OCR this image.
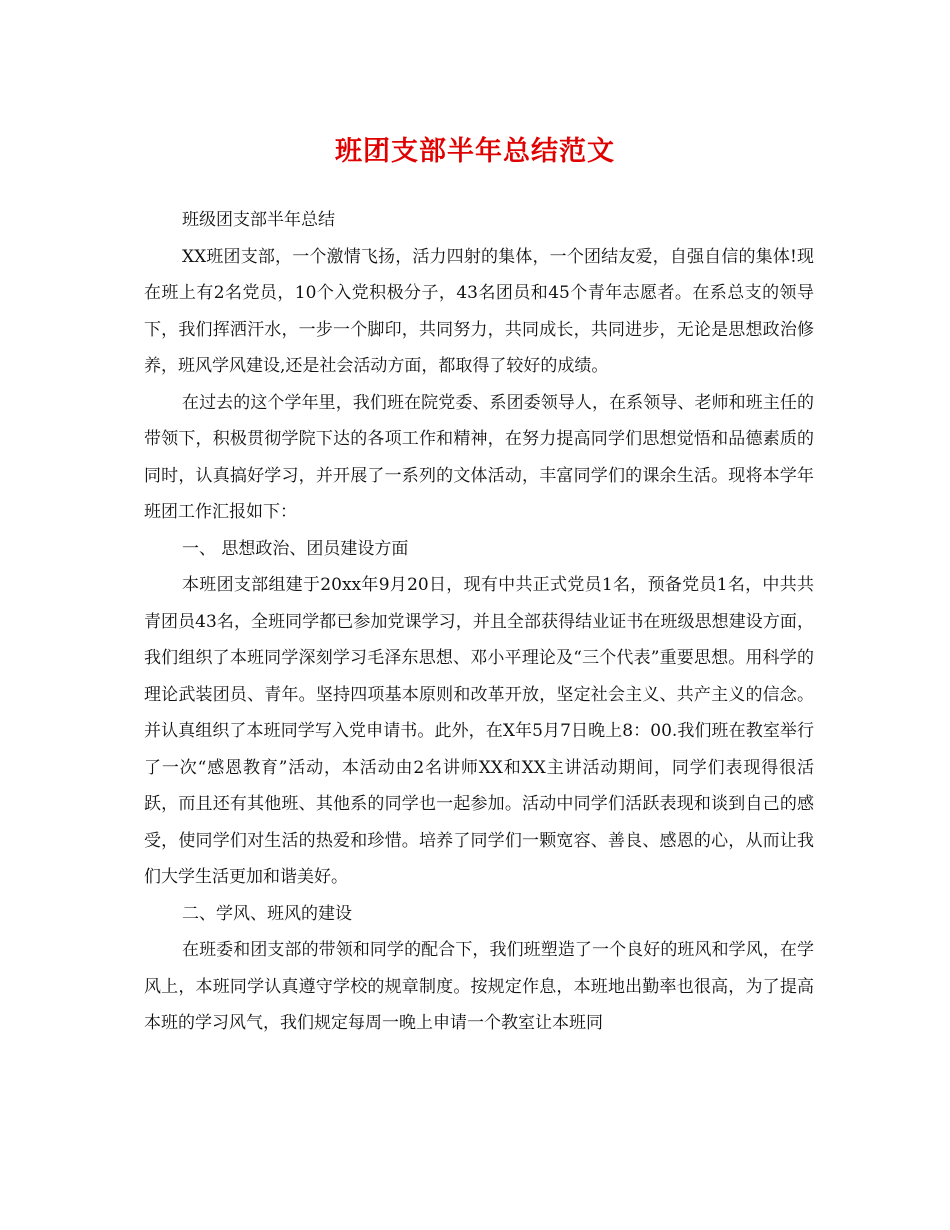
班团支部半年总结范文

班级团支部半年总结

XX班团支部，一个激情飞扬，活力四射的集体，一个团结友爱，自强自信的集体!现在班上有2名党员，10个入党积极分子，43名团员和45个青年志愿者。在系总支的领导下，我们挥洒汗水，一步一个脚印，共同努力，共同成长，共同进步，无论是思想政治修养，班风学风建设,还是社会活动方面，都取得了较好的成绩。

在过去的这个学年里，我们班在院党委、系团委领导人，在系领导、老师和班主任的带领下，积极贯彻学院下达的各项工作和精神，在努力提高同学们思想觉悟和品德素质的同时，认真搞好学习，并开展了一系列的文体活动，丰富同学们的课余生活。现将本学年班团工作汇报如下：

一、 思想政治、团员建设方面

本班团支部组建于20xx年9月20日，现有中共正式党员1名，预备党员1名，中共共青团员43名，全班同学都已参加党课学习，并且全部获得结业证书在班级思想建设方面，我们组织了本班同学深刻学习毛泽东思想、邓小平理论及“三个代表”重要思想。用科学的理论武装团员、青年。坚持四项基本原则和改革开放，坚定社会主义、共产主义的信念。并认真组织了本班同学写入党申请书。此外，在X年5月7日晚上8：00.我们班在教室举行了一次“感恩教育”活动，本活动由2名讲师XX和XX主讲活动期间，同学们表现得很活跃，而且还有其他班、其他系的同学也一起参加。活动中同学们活跃表现和谈到自己的感受，使同学们对生活的热爱和珍惜。培养了同学们一颗宽容、善良、感恩的心，从而让我们大学生活更加和谐美好。

二、学风、班风的建设

在班委和团支部的带领和同学的配合下，我们班塑造了一个良好的班风和学风，在学风上，本班同学认真遵守学校的规章制度。按规定作息，本班地出勤率也很高，为了提高本班的学习风气，我们规定每周一晚上申请一个教室让本班同
